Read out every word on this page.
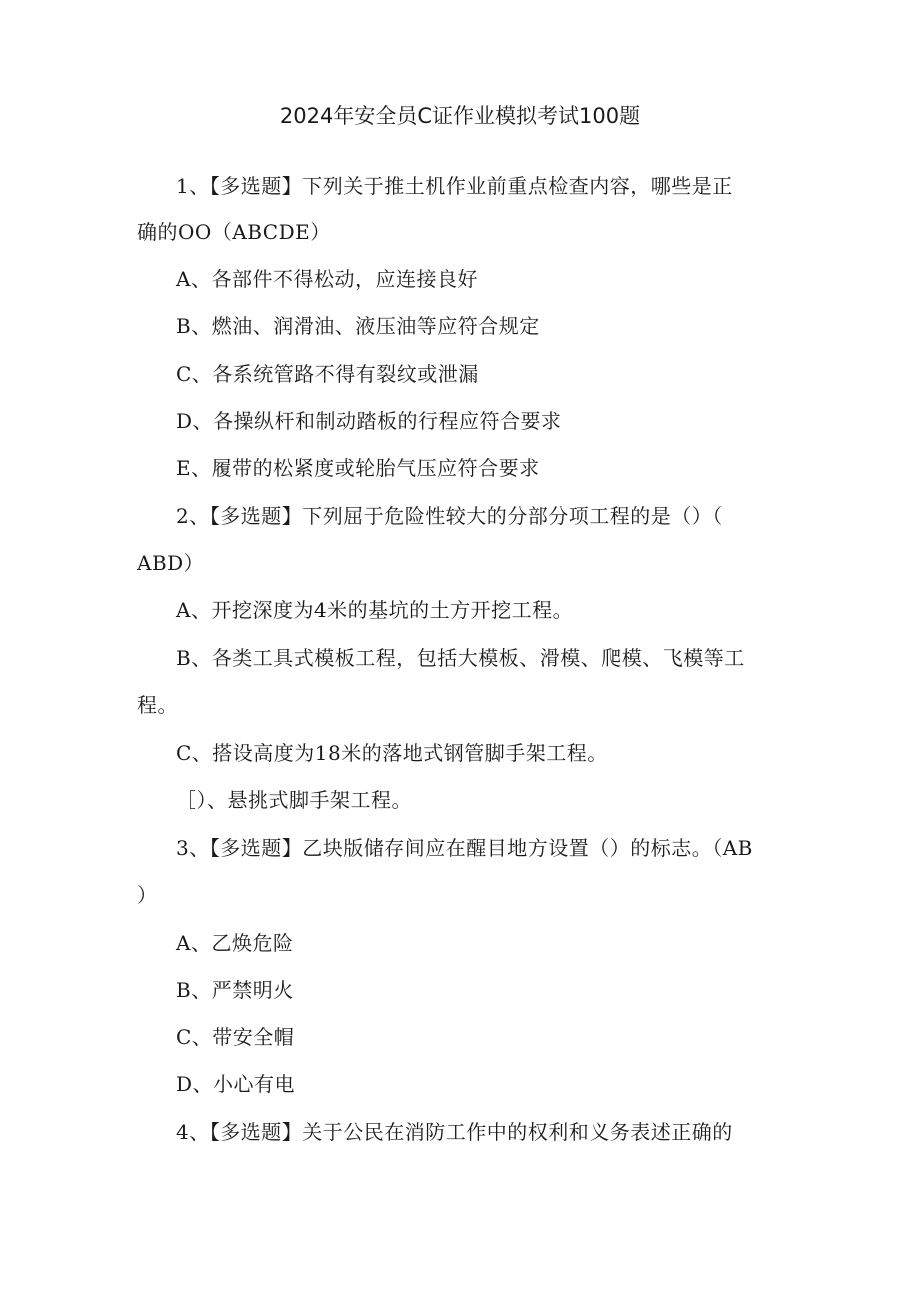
2024年安全员C证作业模拟考试100题
1、【多选题】下列关于推土机作业前重点检查内容，哪些是正
确的OO（ABCDE）
A、各部件不得松动，应连接良好
B、燃油、润滑油、液压油等应符合规定
C、各系统管路不得有裂纹或泄漏
D、各操纵杆和制动踏板的行程应符合要求
E、履带的松紧度或轮胎气压应符合要求
2、【多选题】下列屈于危险性较大的分部分项工程的是（）（
ABD）
A、开挖深度为4米的基坑的土方开挖工程。
B、各类工具式模板工程，包括大模板、滑模、爬模、飞模等工
程。
C、搭设高度为18米的落地式钢管脚手架工程。
［）、悬挑式脚手架工程。
3、【多选题】乙块版储存间应在醒目地方设置（）的标志。（AB
）
A、乙焕危险
B、严禁明火
C、带安全帽
D、小心有电
4、【多选题】关于公民在消防工作中的权利和义务表述正确的
